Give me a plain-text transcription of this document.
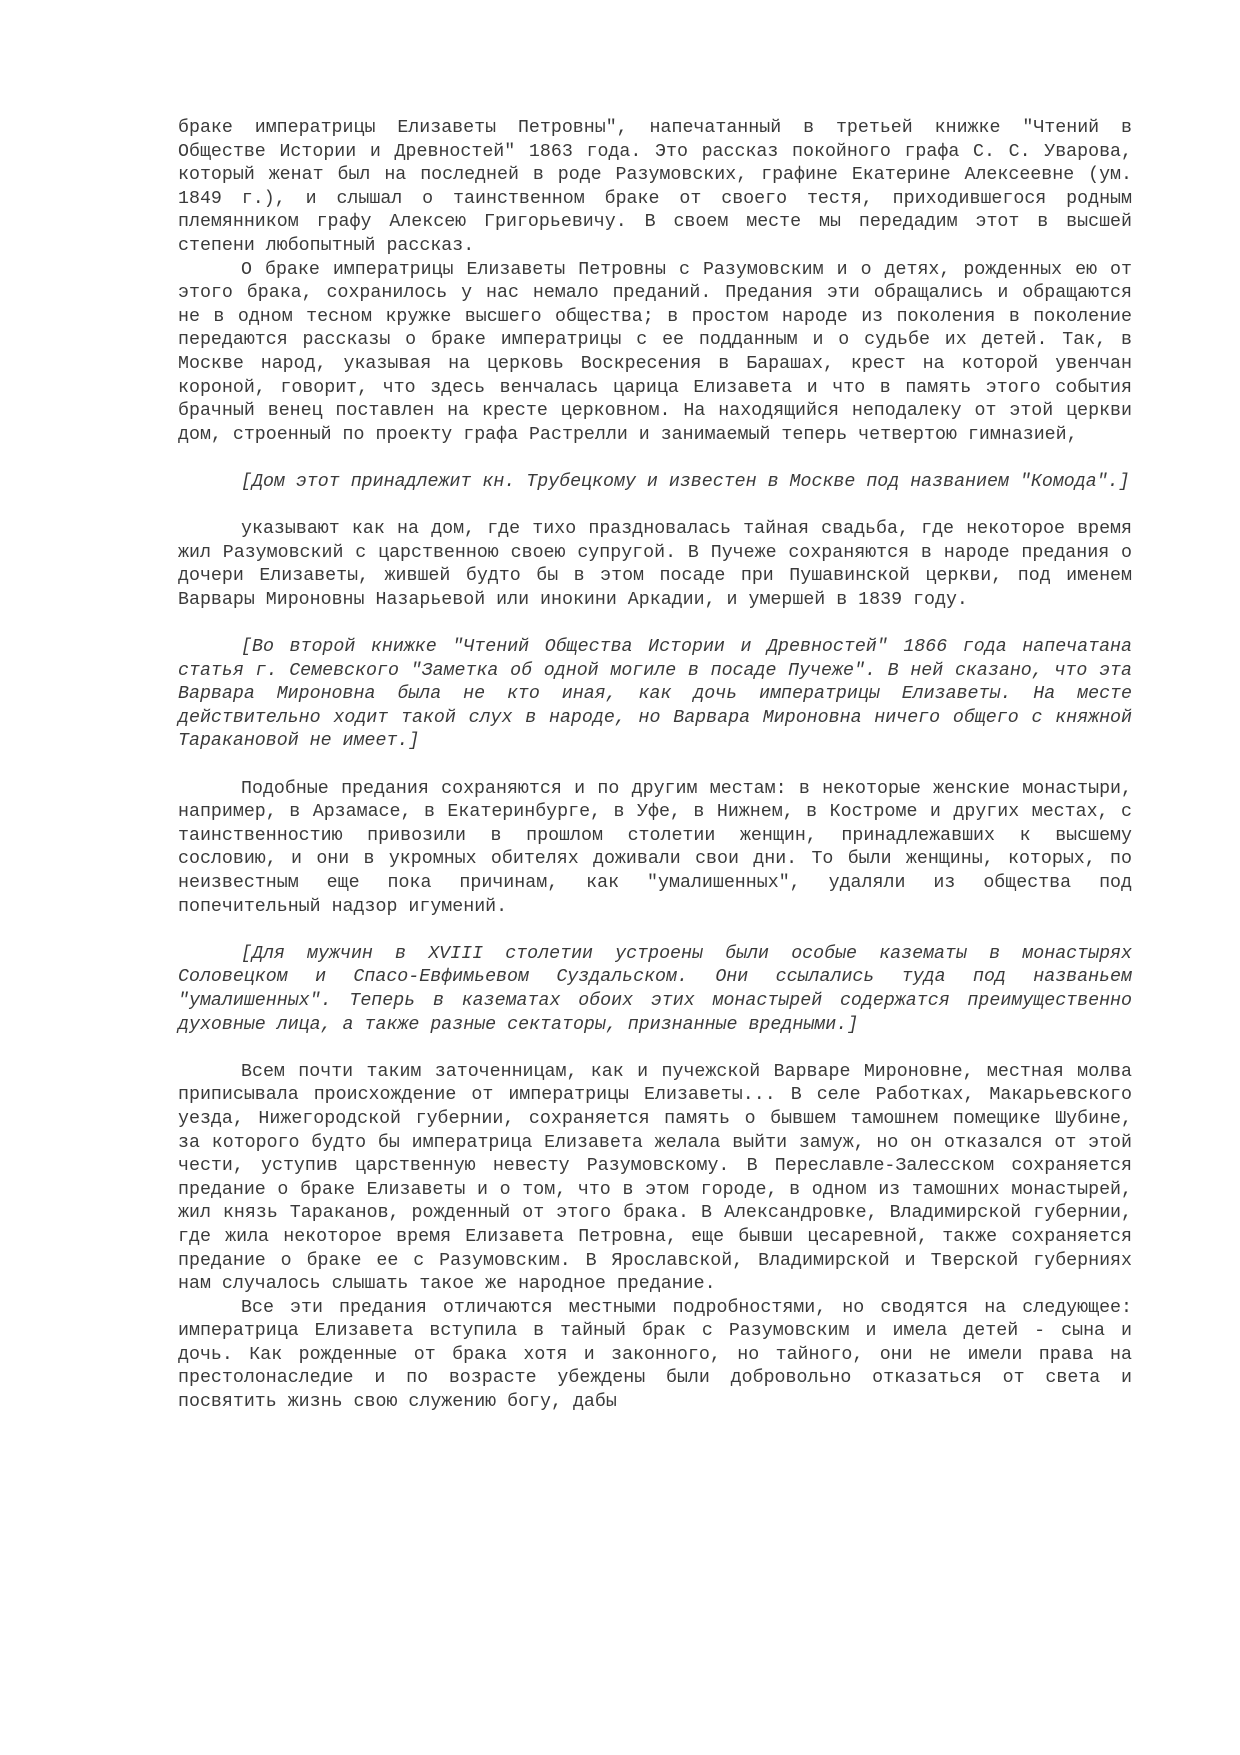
браке императрицы Елизаветы Петровны", напечатанный в третьей книжке "Чтений в Обществе Истории и Древностей" 1863 года. Это рассказ покойного графа С. С. Уварова, который женат был на последней в роде Разумовских, графине Екатерине Алексеевне (ум. 1849 г.), и слышал о таинственном браке от своего тестя, приходившегося родным племянником графу Алексею Григорьевичу. В своем месте мы передадим этот в высшей степени любопытный рассказ.

О браке императрицы Елизаветы Петровны с Разумовским и о детях, рожденных ею от этого брака, сохранилось у нас немало преданий. Предания эти обращались и обращаются не в одном тесном кружке высшего общества; в простом народе из поколения в поколение передаются рассказы о браке императрицы с ее подданным и о судьбе их детей. Так, в Москве народ, указывая на церковь Воскресения в Барашах, крест на которой увенчан короной, говорит, что здесь венчалась царица Елизавета и что в память этого события брачный венец поставлен на кресте церковном. На находящийся неподалеку от этой церкви дом, строенный по проекту графа Растрелли и занимаемый теперь четвертою гимназией,

[Дом этот принадлежит кн. Трубецкому и известен в Москве под названием "Комода".]

указывают как на дом, где тихо праздновалась тайная свадьба, где некоторое время жил Разумовский с царственною своею супругой. В Пучеже сохраняются в народе предания о дочери Елизаветы, жившей будто бы в этом посаде при Пушавинской церкви, под именем Варвары Мироновны Назарьевой или инокини Аркадии, и умершей в 1839 году.

[Во второй книжке "Чтений Общества Истории и Древностей" 1866 года напечатана статья г. Семевского "Заметка об одной могиле в посаде Пучеже". В ней сказано, что эта Варвара Мироновна была не кто иная, как дочь императрицы Елизаветы. На месте действительно ходит такой слух в народе, но Варвара Мироновна ничего общего с княжной Таракановой не имеет.]

Подобные предания сохраняются и по другим местам: в некоторые женские монастыри, например, в Арзамасе, в Екатеринбурге, в Уфе, в Нижнем, в Костроме и других местах, с таинственностию привозили в прошлом столетии женщин, принадлежавших к высшему сословию, и они в укромных обителях доживали свои дни. То были женщины, которых, по неизвестным еще пока причинам, как "умалишенных", удаляли из общества под попечительный надзор игумений.

[Для мужчин в XVIII столетии устроены были особые казематы в монастырях Соловецком и Спасо-Евфимьевом Суздальском. Они ссылались туда под названьем "умалишенных". Теперь в казематах обоих этих монастырей содержатся преимущественно духовные лица, а также разные сектаторы, признанные вредными.]

Всем почти таким заточенницам, как и пучежской Варваре Мироновне, местная молва приписывала происхождение от императрицы Елизаветы... В селе Работках, Макарьевского уезда, Нижегородской губернии, сохраняется память о бывшем тамошнем помещике Шубине, за которого будто бы императрица Елизавета желала выйти замуж, но он отказался от этой чести, уступив царственную невесту Разумовскому. В Переславле-Залесском сохраняется предание о браке Елизаветы и о том, что в этом городе, в одном из тамошних монастырей, жил князь Тараканов, рожденный от этого брака. В Александровке, Владимирской губернии, где жила некоторое время Елизавета Петровна, еще бывши цесаревной, также сохраняется предание о браке ее с Разумовским. В Ярославской, Владимирской и Тверской губерниях нам случалось слышать такое же народное предание.

Все эти предания отличаются местными подробностями, но сводятся на следующее: императрица Елизавета вступила в тайный брак с Разумовским и имела детей - сына и дочь. Как рожденные от брака хотя и законного, но тайного, они не имели права на престолонаследие и по возрасте убеждены были добровольно отказаться от света и посвятить жизнь свою служению богу, дабы
